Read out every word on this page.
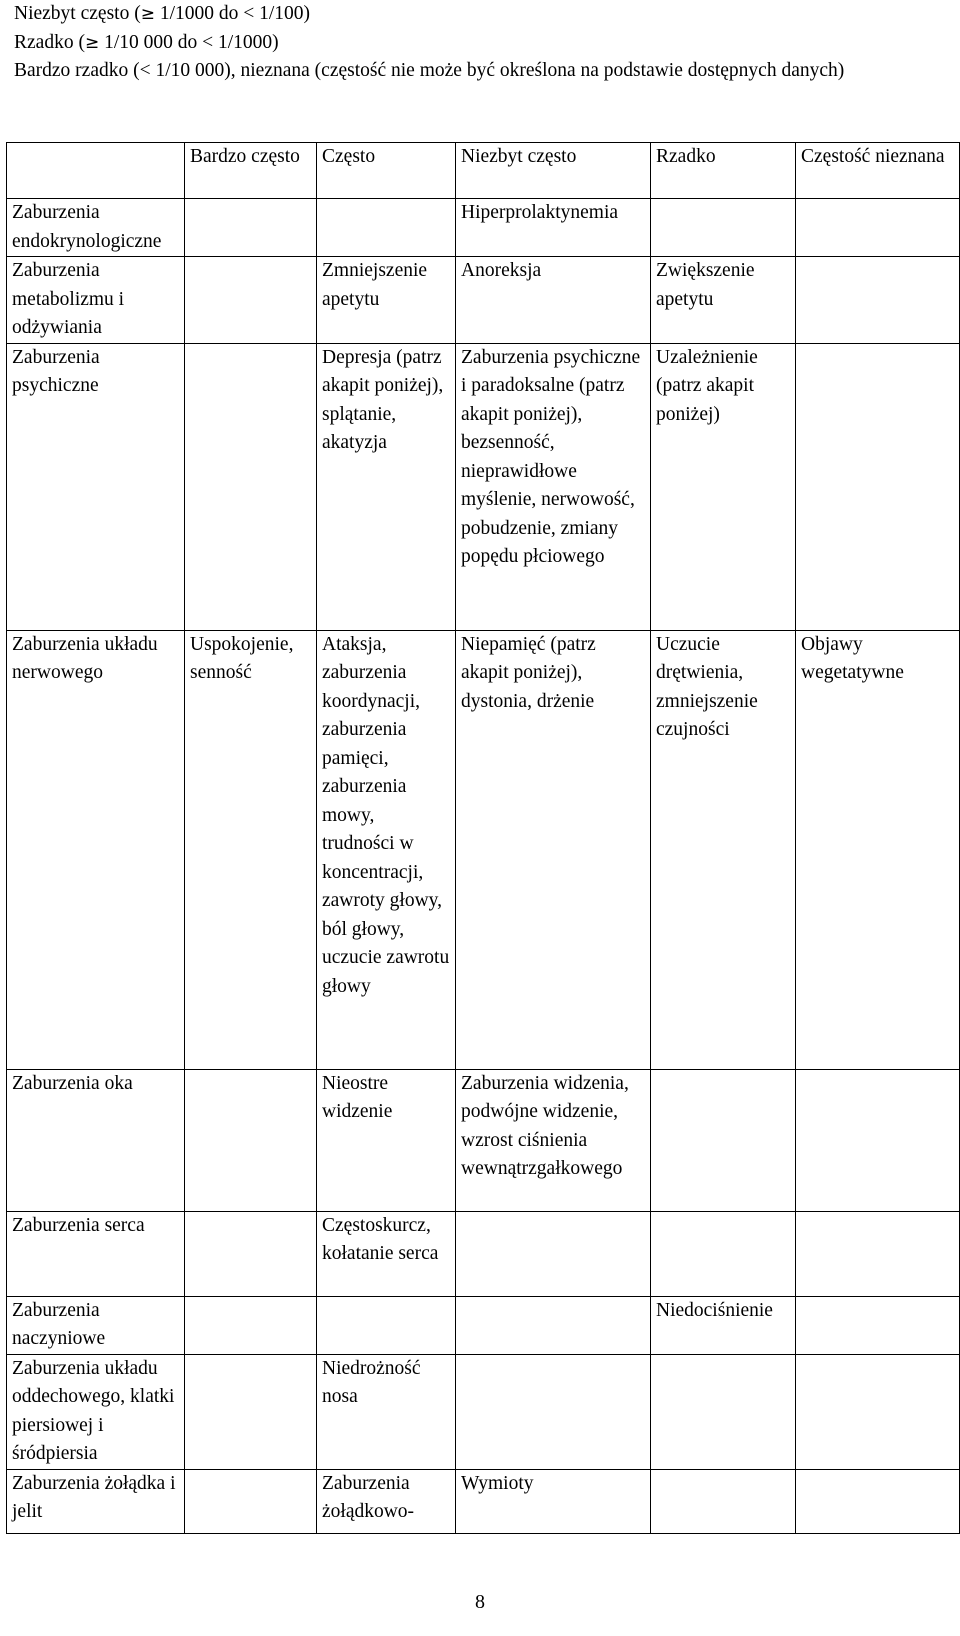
Niezbyt często (≥ 1/1000 do < 1/100)

Rzadko (≥ 1/10 000 do < 1/1000)

Bardzo rzadko (< 1/10 000), nieznana (częstość nie może być określona na podstawie dostępnych danych)

	Bardzo często	Często	Niezbyt często	Rzadko	Częstość nieznana
Zaburzenia endokrynologiczne			Hiperprolaktynemia		
Zaburzenia metabolizmu i odżywiania		Zmniejszenie apetytu	Anoreksja	Zwiększenie apetytu	
Zaburzenia psychiczne		Depresja (patrz akapit poniżej), splątanie, akatyzja	Zaburzenia psychiczne i paradoksalne (patrz akapit poniżej), bezsenność, nieprawidłowe myślenie, nerwowość, pobudzenie, zmiany popędu płciowego	Uzależnienie (patrz akapit poniżej)	
Zaburzenia układu nerwowego	Uspokojenie, senność	Ataksja, zaburzenia koordynacji, zaburzenia pamięci, zaburzenia mowy, trudności w koncentracji, zawroty głowy, ból głowy, uczucie zawrotu głowy	Niepamięć (patrz akapit poniżej), dystonia, drżenie	Uczucie drętwienia, zmniejszenie czujności	Objawy wegetatywne
Zaburzenia oka		Nieostre widzenie	Zaburzenia widzenia, podwójne widzenie, wzrost ciśnienia wewnątrzgałkowego		
Zaburzenia serca		Częstoskurcz, kołatanie serca			
Zaburzenia naczyniowe				Niedociśnienie	
Zaburzenia układu oddechowego, klatki piersiowej i śródpiersia		Niedrożność nosa			
Zaburzenia żołądka i jelit		Zaburzenia żołądkowo-	Wymioty		
8
